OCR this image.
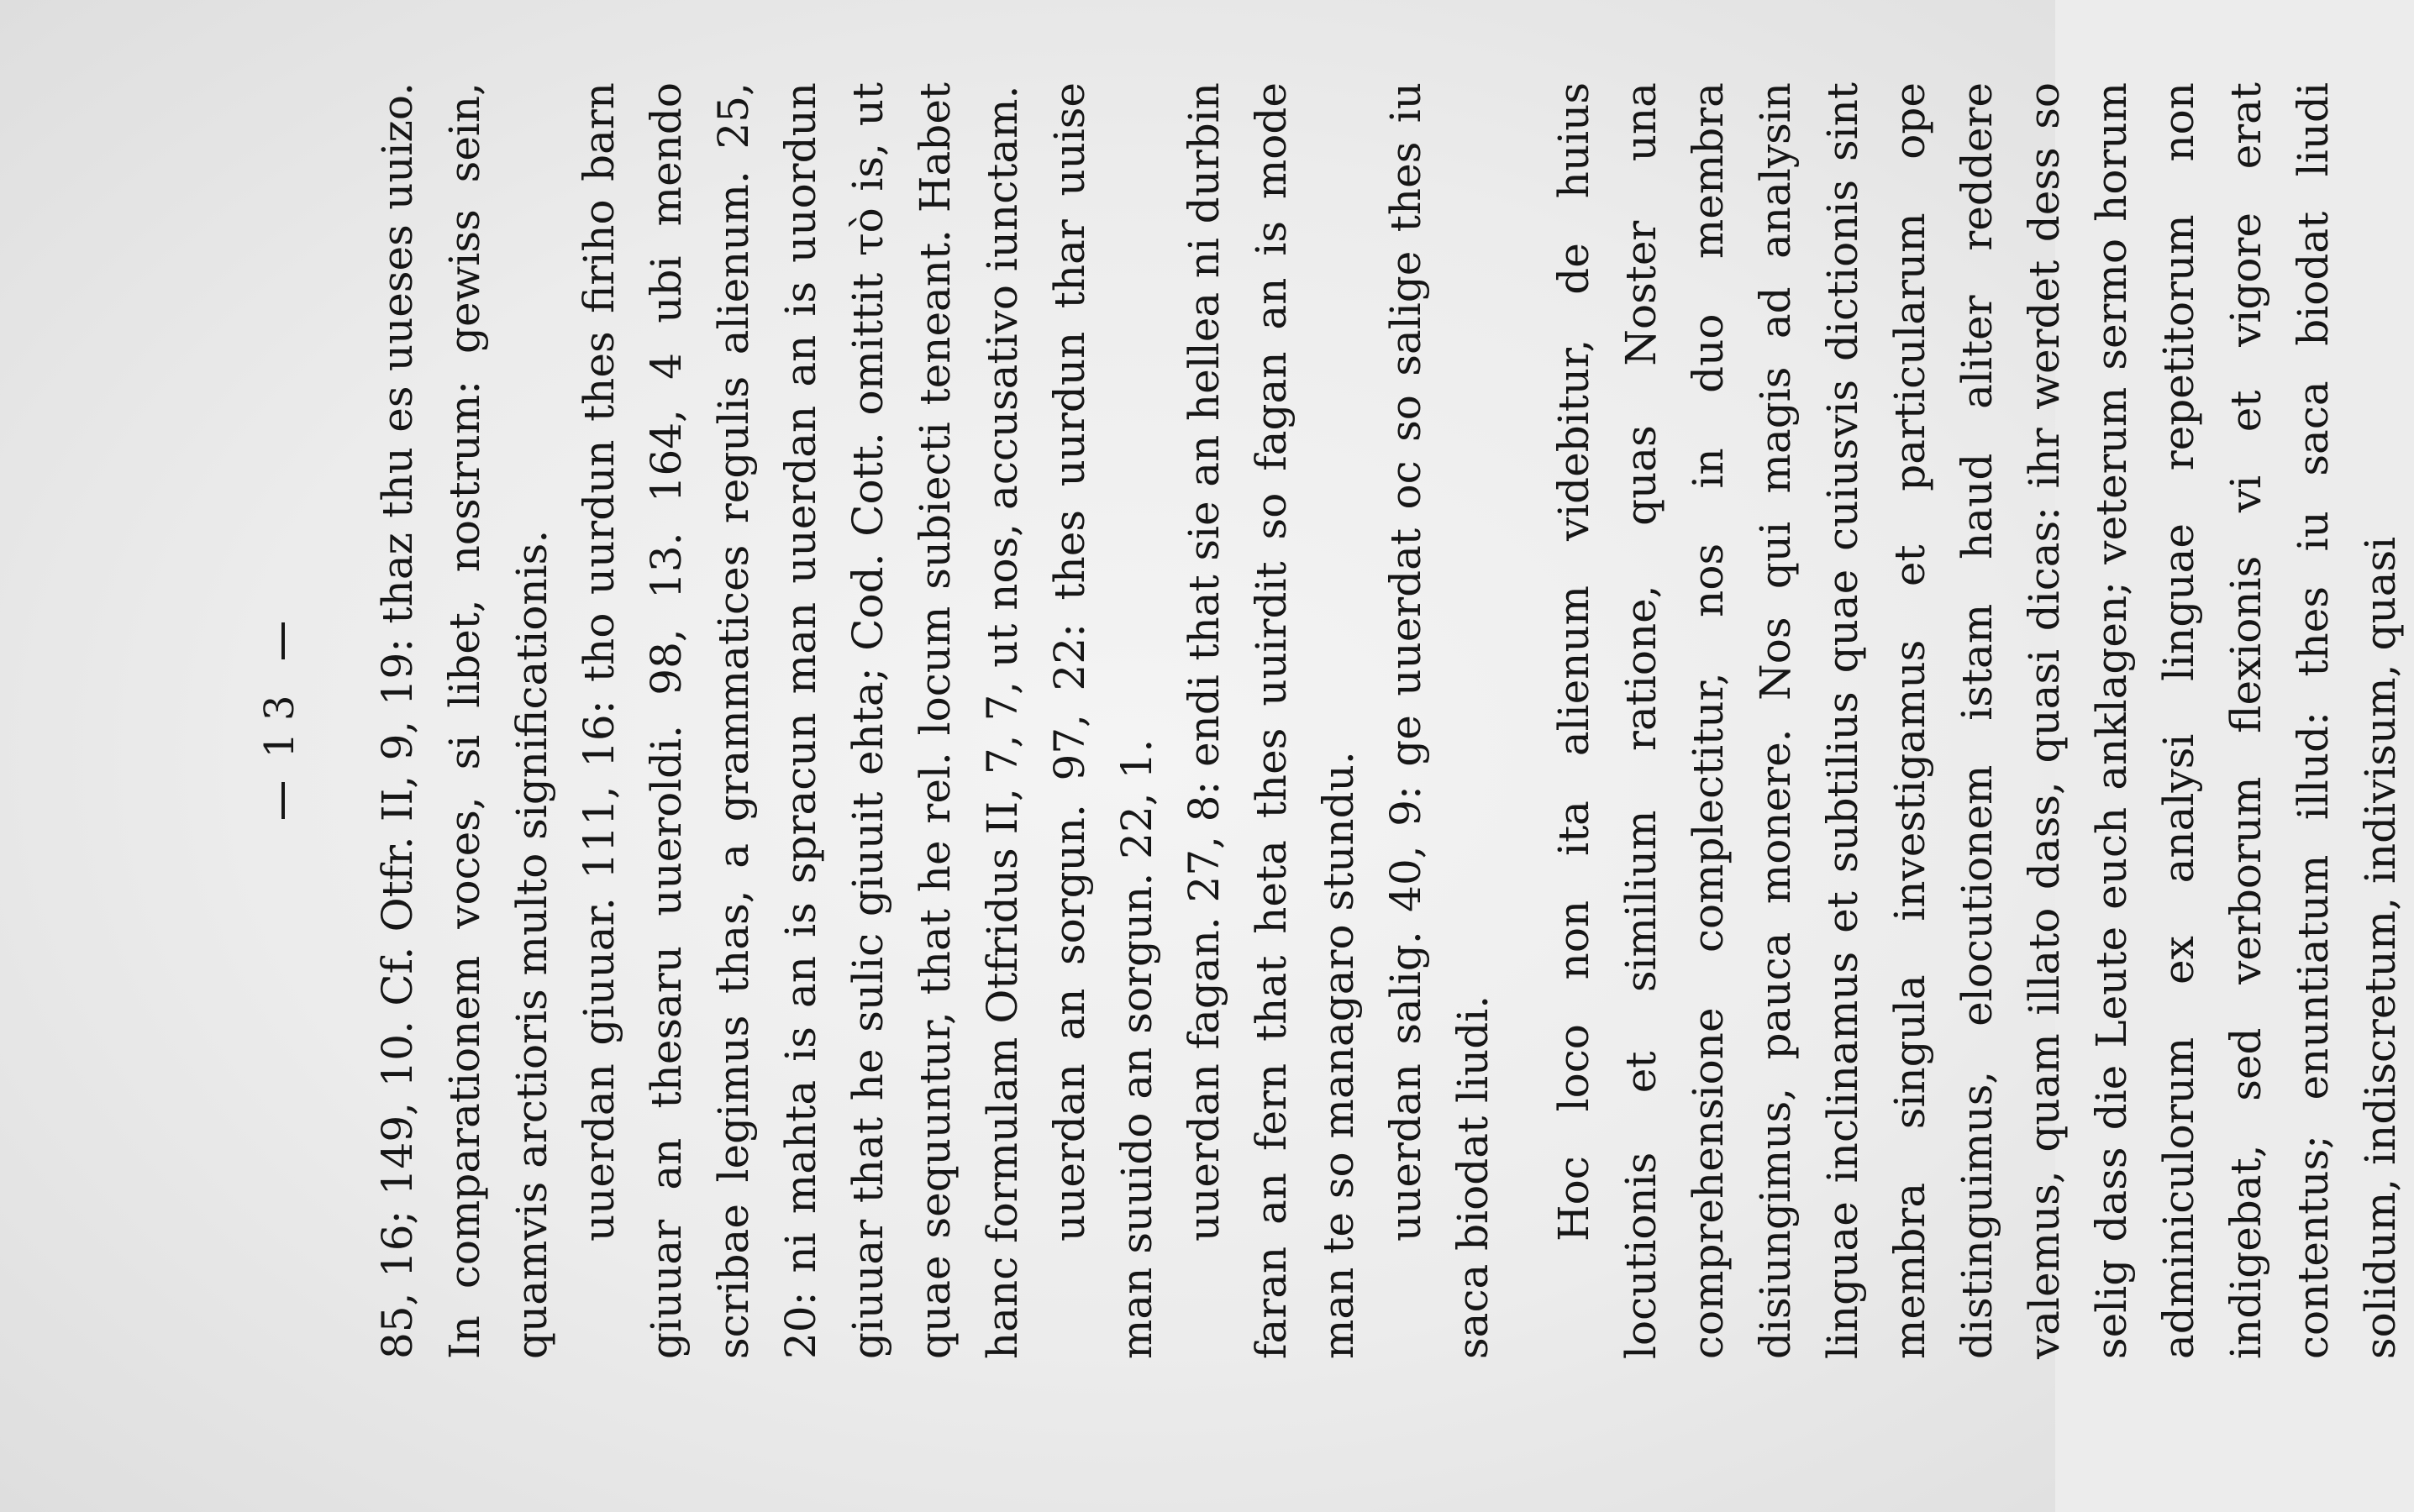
13	85, 16; 149, 10. Cf. Otfr. II, 9, 19: thaz thu es uueses uuizo. In comparationem voces, si libet, nostrum: gewiss sein, quamvis arctioris multo significationis. uuerdan giuuar. 111, 16: tho uurdun thes firiho barn giuuar an thesaru uueroldi. 98, 13. 164, 4 ubi mendo scribae legimus thas, a grammatices regulis alienum. 25, 20: ni mahta is an is spracun man uuerdan an is uuordun giuuar that he sulic giuuit ehta; Cod. Cott. omittit τὸ is, ut quae sequuntur, that he rel. locum subiecti teneant. Habet hanc formulam Otfridus II, 7, 7, ut nos, accusativo iunctam. uuerdan an sorgun. 97, 22: thes uurdun thar uuise man suuido an sorgun. 22, 1. uuerdan fagan. 27, 8: endi that sie an hellea ni durbin faran an fern that heta thes uuirdit so fagan an is mode man te so managaro stundu. uuerdan salig. 40, 9: ge uuerdat oc so salige thes iu saca biodat liudi. Hoc loco non ita alienum videbitur, de huius locutionis et similium ratione, quas Noster una comprehensione complectitur, nos in duo membra disiungimus, pauca monere. Nos qui magis ad analysin linguae inclinamus et subtilius quae cuiusvis dictionis sint membra singula investigamus et particularum ope distinguimus, elocutionem istam haud aliter reddere valemus, quam illato dass, quasi dicas: ihr werdet dess so selig dass die Leute euch anklagen; veterum sermo horum adminiculorum ex analysi linguae repetitorum non indigebat, sed verborum flexionis vi et vigore erat contentus; enuntiatum illud: thes iu saca biodat liudi solidum, indiscretum, indivisum, quasi
